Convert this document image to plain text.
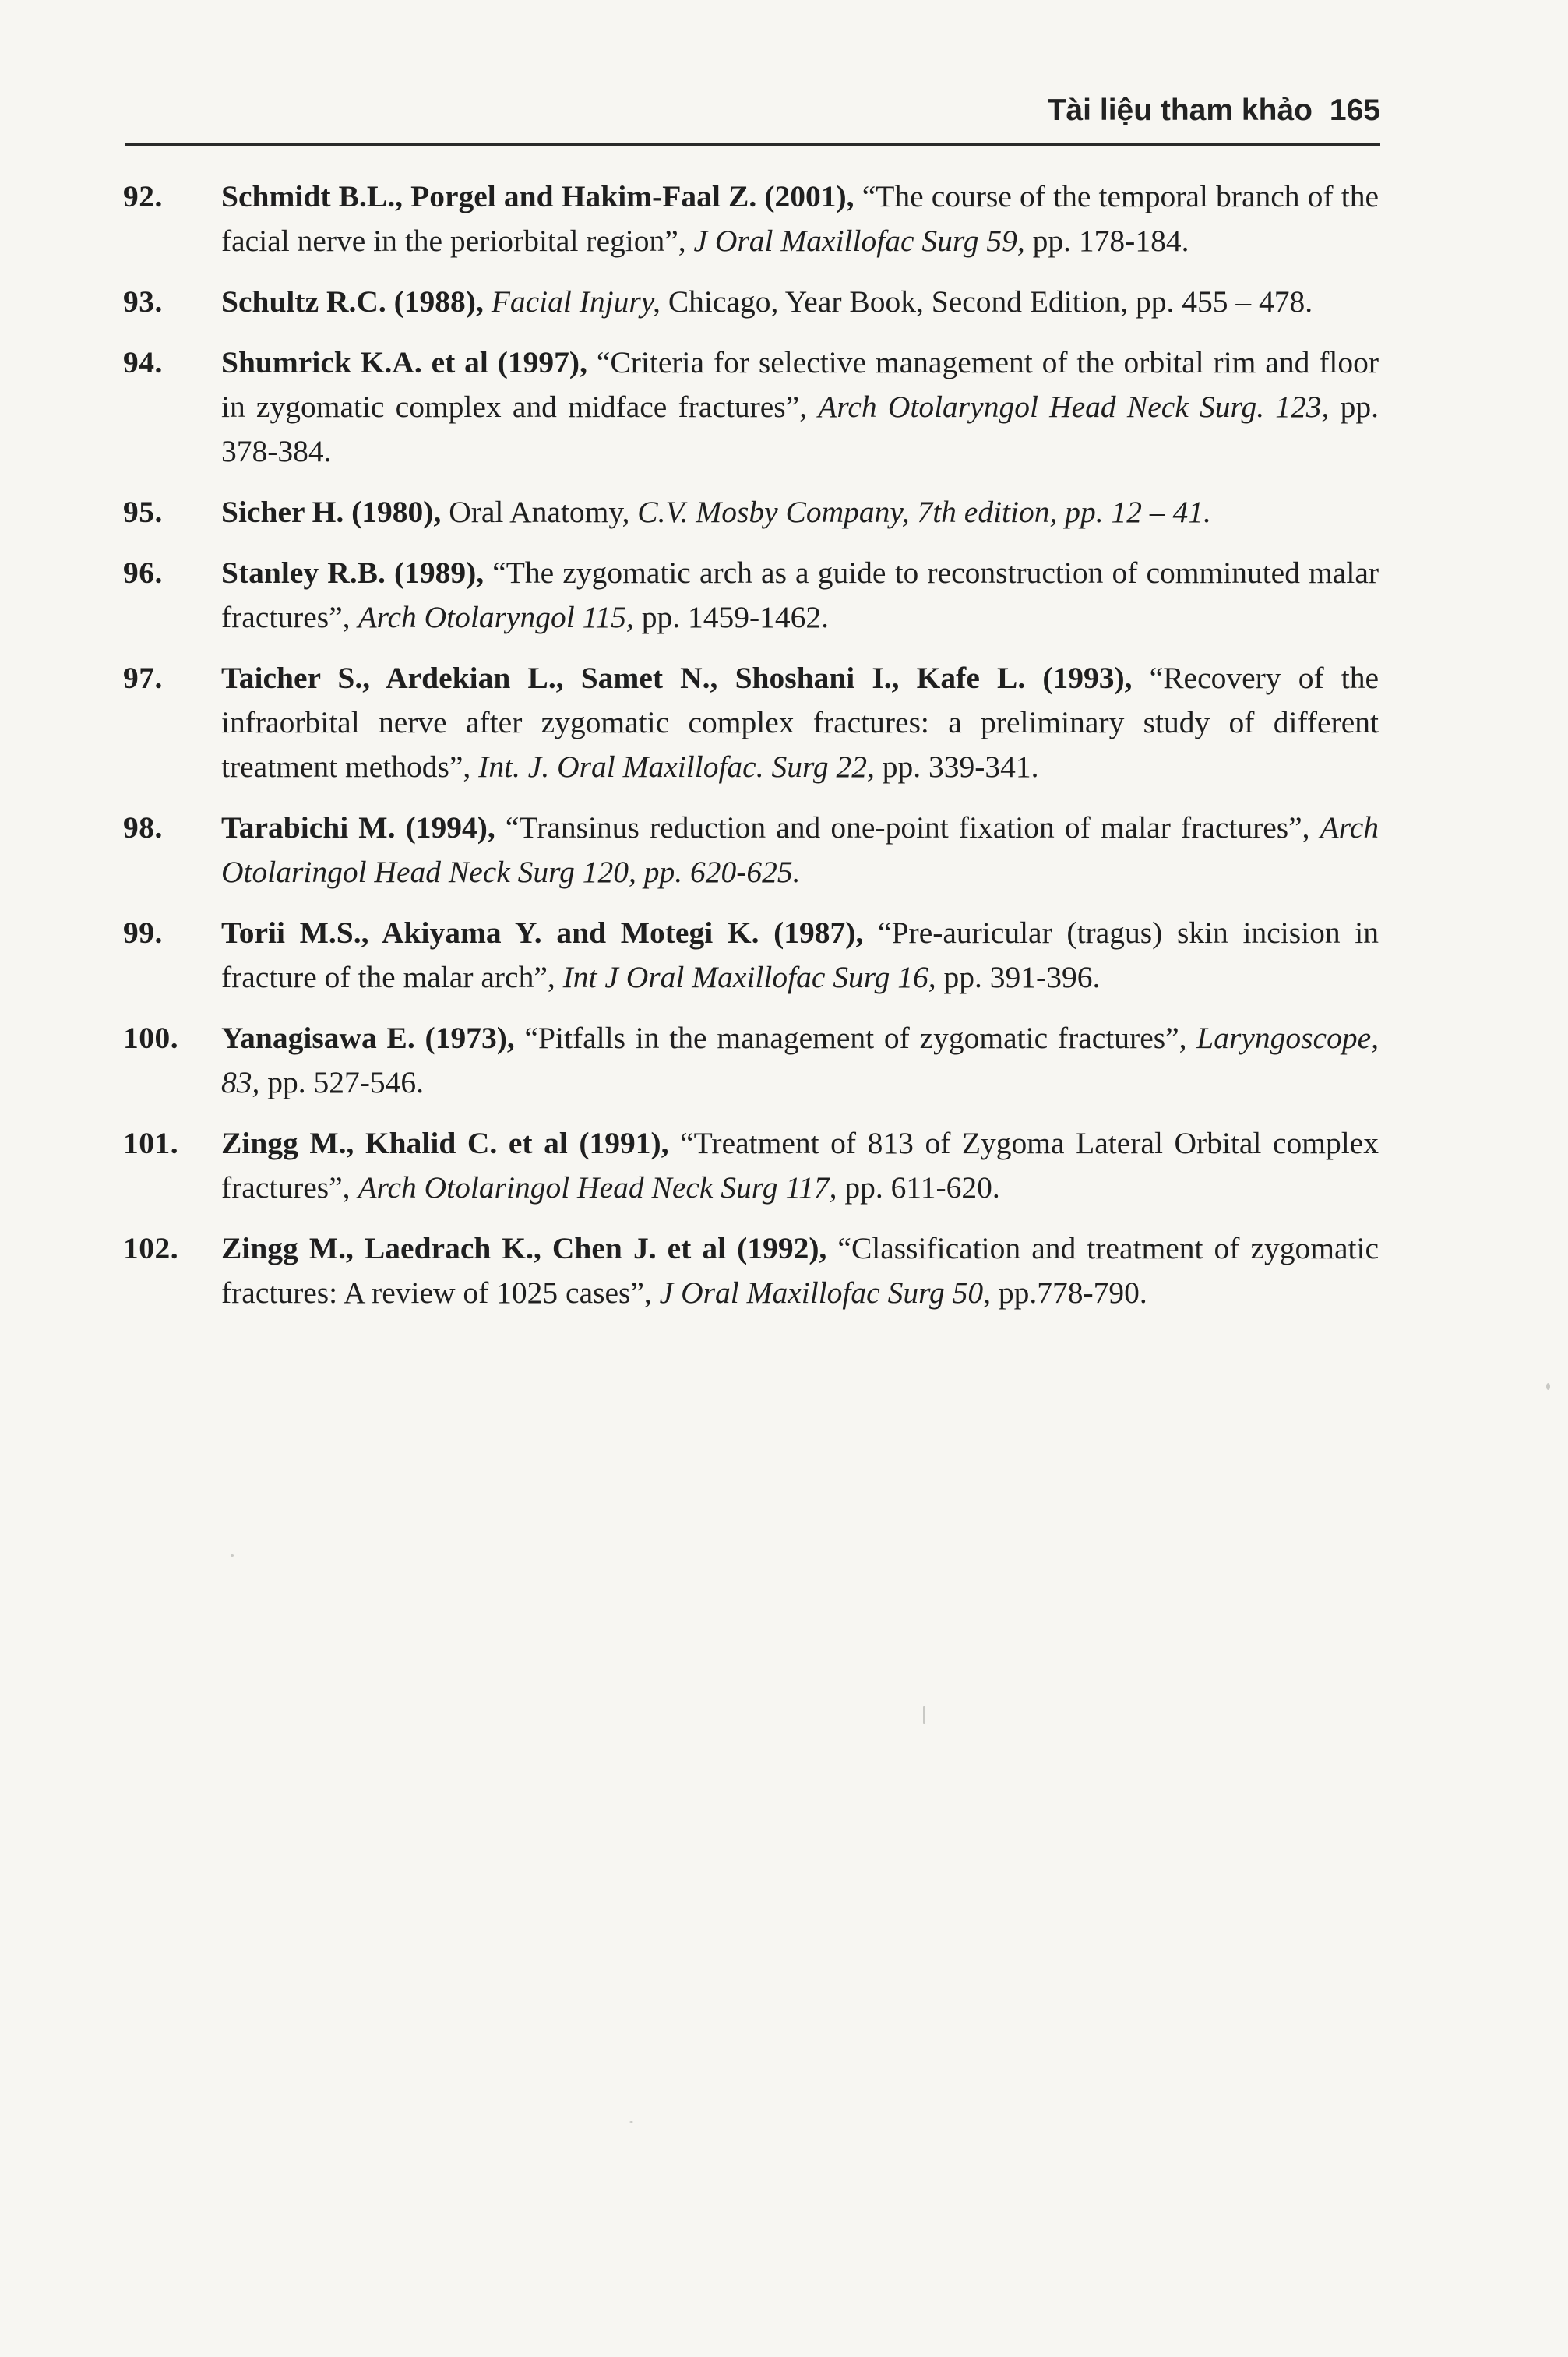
Tài liệu tham khảo 165
92.	Schmidt B.L., Porgel and Hakim-Faal Z. (2001), “The course of the temporal branch of the facial nerve in the periorbital region”, J Oral Maxillofac Surg 59, pp. 178-184.
93.	Schultz R.C. (1988), Facial Injury, Chicago, Year Book, Second Edition, pp. 455 – 478.
94.	Shumrick K.A. et al (1997), “Criteria for selective management of the orbital rim and floor in zygomatic complex and midface fractures”, Arch Otolaryngol Head Neck Surg. 123, pp. 378-384.
95.	Sicher H. (1980), Oral Anatomy, C.V. Mosby Company, 7th edition, pp. 12 – 41.
96.	Stanley R.B. (1989), “The zygomatic arch as a guide to reconstruction of comminuted malar fractures”, Arch Otolaryngol 115, pp. 1459-1462.
97.	Taicher S., Ardekian L., Samet N., Shoshani I., Kafe L. (1993), “Recovery of the infraorbital nerve after zygomatic complex fractures: a preliminary study of different treatment methods”, Int. J. Oral Maxillofac. Surg 22, pp. 339-341.
98.	Tarabichi M. (1994), “Transinus reduction and one-point fixation of malar fractures”, Arch Otolaringol Head Neck Surg 120, pp. 620-625.
99.	Torii M.S., Akiyama Y. and Motegi K. (1987), “Pre-auricular (tragus) skin incision in fracture of the malar arch”, Int J Oral Maxillofac Surg 16, pp. 391-396.
100.	Yanagisawa E. (1973), “Pitfalls in the management of zygomatic fractures”, Laryngoscope, 83, pp. 527-546.
101.	Zingg M., Khalid C. et al (1991), “Treatment of 813 of Zygoma Lateral Orbital complex fractures”, Arch Otolaringol Head Neck Surg 117, pp. 611-620.
102.	Zingg M., Laedrach K., Chen J. et al (1992), “Classification and treatment of zygomatic fractures: A review of 1025 cases”, J Oral Maxillofac Surg 50, pp.778-790.
